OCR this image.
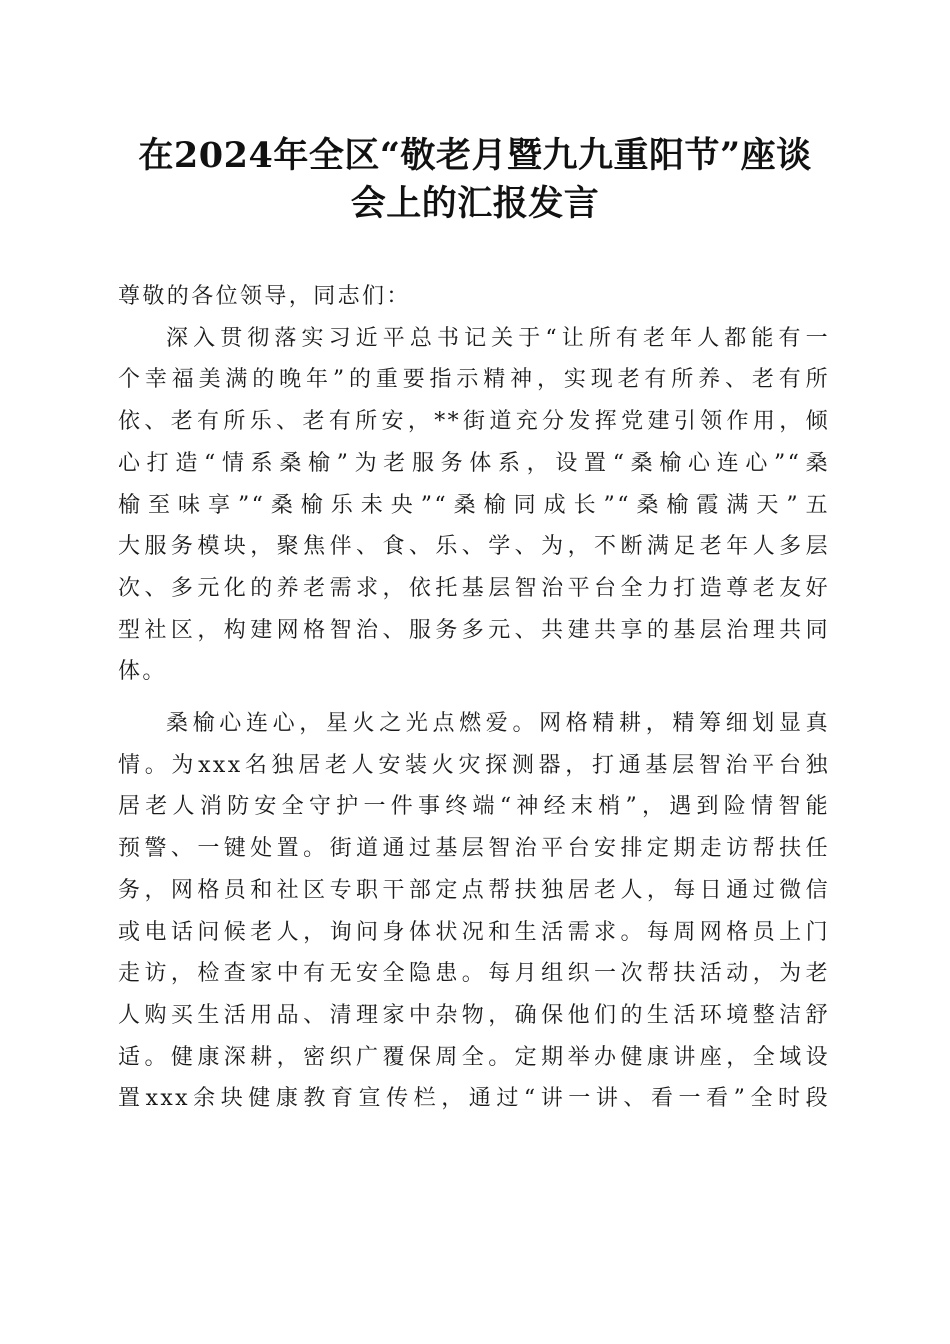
在2024年全区“敬老月暨九九重阳节”座谈
会上的汇报发言

尊敬的各位领导，同志们：

深入贯彻落实习近平总书记关于“让所有老年人都能有一
个幸福美满的晚年”的重要指示精神，实现老有所养、老有所
依、老有所乐、老有所安，**街道充分发挥党建引领作用，倾
心打造“情系桑榆”为老服务体系，设置“桑榆心连心”“桑
榆至味享”“桑榆乐未央”“桑榆同成长”“桑榆霞满天”五
大服务模块，聚焦伴、食、乐、学、为，不断满足老年人多层
次、多元化的养老需求，依托基层智治平台全力打造尊老友好
型社区，构建网格智治、服务多元、共建共享的基层治理共同
体。
桑榆心连心，星火之光点燃爱。网格精耕，精筹细划显真
情。为xxx名独居老人安装火灾探测器，打通基层智治平台独
居老人消防安全守护一件事终端“神经末梢”，遇到险情智能
预警、一键处置。街道通过基层智治平台安排定期走访帮扶任
务，网格员和社区专职干部定点帮扶独居老人，每日通过微信
或电话问候老人，询问身体状况和生活需求。每周网格员上门
走访，检查家中有无安全隐患。每月组织一次帮扶活动，为老
人购买生活用品、清理家中杂物，确保他们的生活环境整洁舒
适。健康深耕，密织广覆保周全。定期举办健康讲座，全域设
置xxx余块健康教育宣传栏，通过“讲一讲、看一看”全时段
